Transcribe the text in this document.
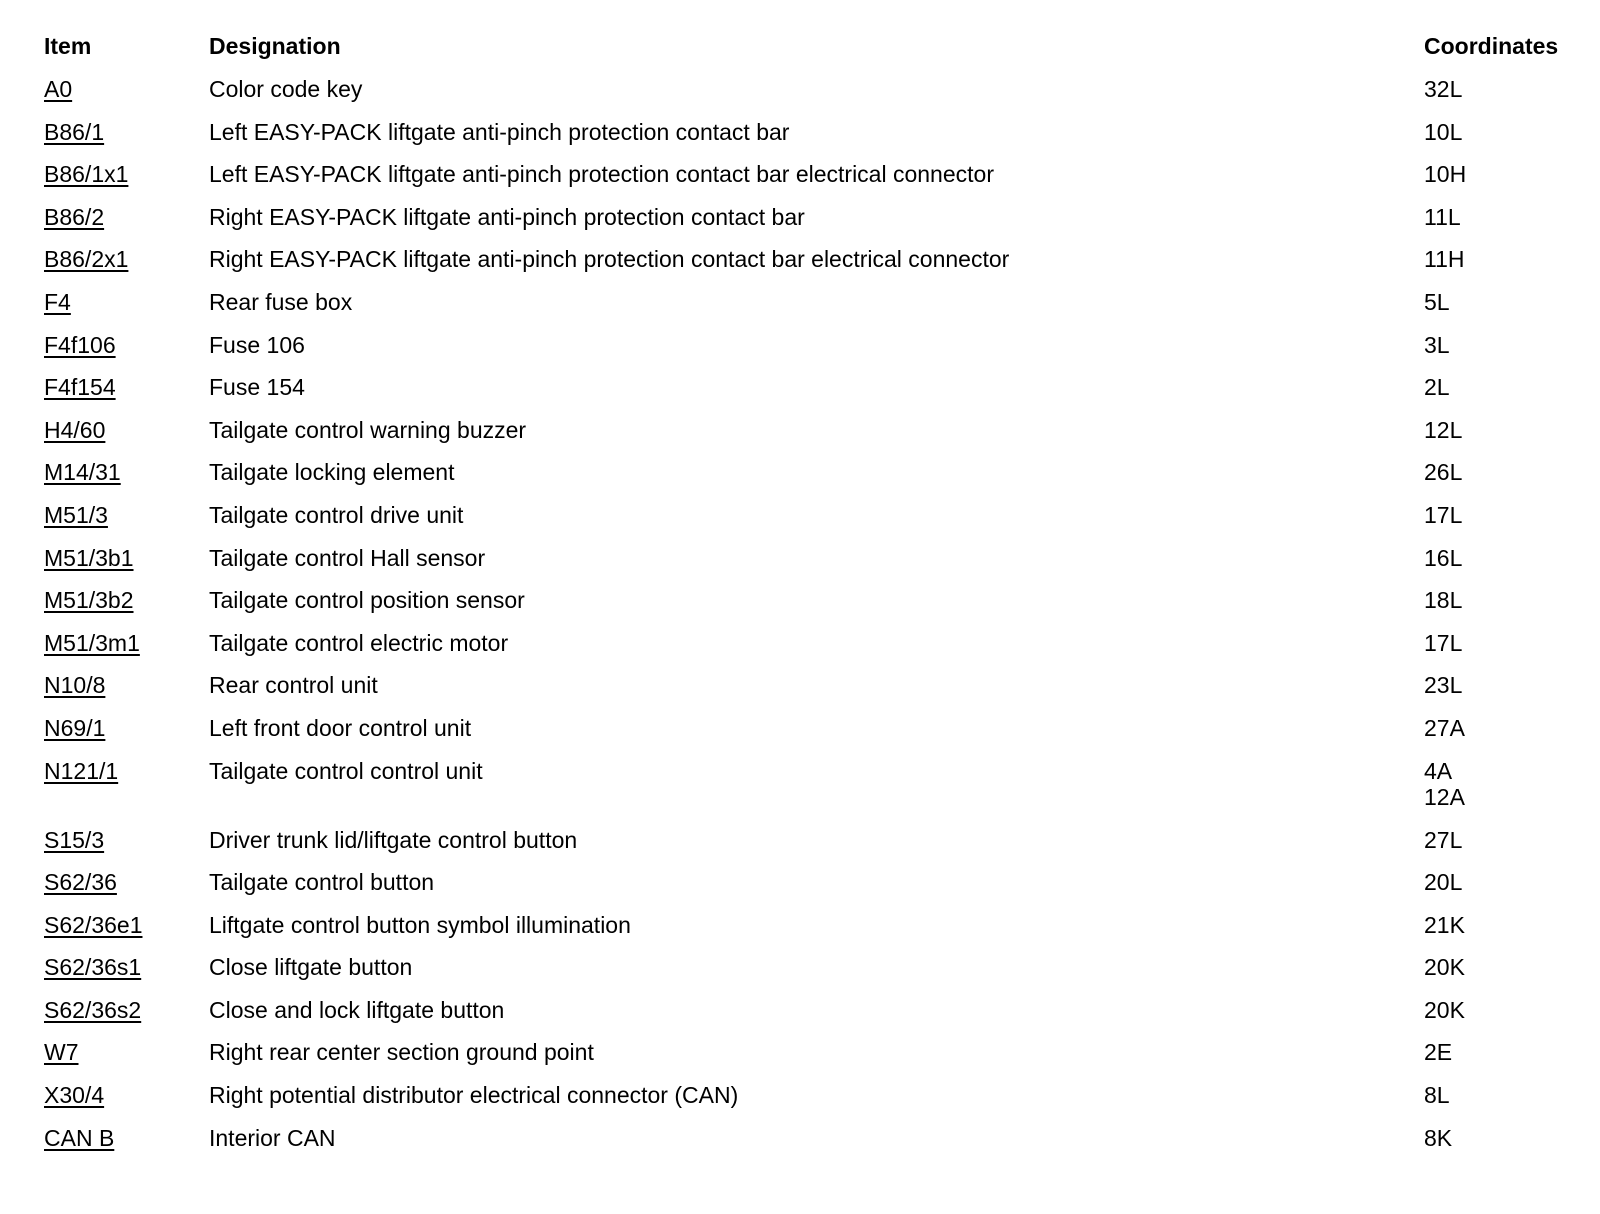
Item	Designation	Coordinates
A0	Color code key	32L

B86/1	Left EASY-PACK liftgate anti-pinch protection contact bar	10L

B86/1x1	Left EASY-PACK liftgate anti-pinch protection contact bar electrical connector	10H

B86/2	Right EASY-PACK liftgate anti-pinch protection contact bar	11L

B86/2x1	Right EASY-PACK liftgate anti-pinch protection contact bar electrical connector	11H

F4	Rear fuse box	5L

F4f106	Fuse 106	3L

F4f154	Fuse 154	2L

H4/60	Tailgate control warning buzzer	12L

M14/31	Tailgate locking element	26L

M51/3	Tailgate control drive unit	17L

M51/3b1	Tailgate control Hall sensor	16L

M51/3b2	Tailgate control position sensor	18L

M51/3m1	Tailgate control electric motor	17L

N10/8	Rear control unit	23L

N69/1	Left front door control unit	27A

N121/1	Tailgate control control unit	4A
12A

S15/3	Driver trunk lid/liftgate control button	27L

S62/36	Tailgate control button	20L

S62/36e1	Liftgate control button symbol illumination	21K

S62/36s1	Close liftgate button	20K

S62/36s2	Close and lock liftgate button	20K

W7	Right rear center section ground point	2E

X30/4	Right potential distributor electrical connector (CAN)	8L

CAN B	Interior CAN	8K
